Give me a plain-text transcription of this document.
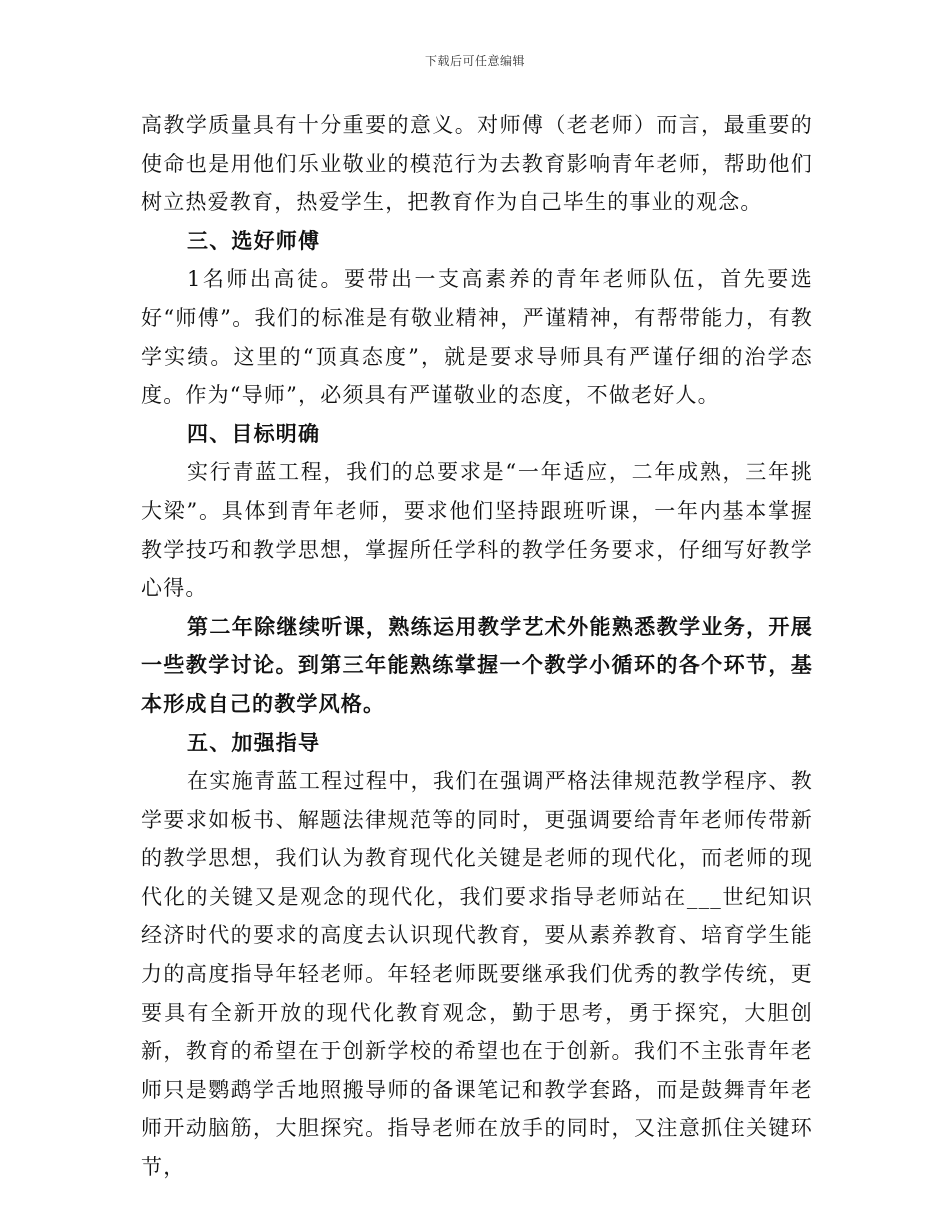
下载后可任意编辑

高教学质量具有十分重要的意义。对师傅（老老师）而言，最重要的使命也是用他们乐业敬业的模范行为去教育影响青年老师，帮助他们树立热爱教育，热爱学生，把教育作为自己毕生的事业的观念。

三、选好师傅

1名师出高徒。要带出一支高素养的青年老师队伍，首先要选好“师傅”。我们的标准是有敬业精神，严谨精神，有帮带能力，有教学实绩。这里的“顶真态度”，就是要求导师具有严谨仔细的治学态度。作为“导师”，必须具有严谨敬业的态度，不做老好人。

四、目标明确

实行青蓝工程，我们的总要求是“一年适应，二年成熟，三年挑大梁”。具体到青年老师，要求他们坚持跟班听课，一年内基本掌握教学技巧和教学思想，掌握所任学科的教学任务要求，仔细写好教学心得。

第二年除继续听课，熟练运用教学艺术外能熟悉教学业务，开展一些教学讨论。到第三年能熟练掌握一个教学小循环的各个环节，基本形成自己的教学风格。

五、加强指导

在实施青蓝工程过程中，我们在强调严格法律规范教学程序、教学要求如板书、解题法律规范等的同时，更强调要给青年老师传带新的教学思想，我们认为教育现代化关键是老师的现代化，而老师的现代化的关键又是观念的现代化，我们要求指导老师站在___世纪知识经济时代的要求的高度去认识现代教育，要从素养教育、培育学生能力的高度指导年轻老师。年轻老师既要继承我们优秀的教学传统，更要具有全新开放的现代化教育观念，勤于思考，勇于探究，大胆创新，教育的希望在于创新学校的希望也在于创新。我们不主张青年老师只是鹦鹉学舌地照搬导师的备课笔记和教学套路，而是鼓舞青年老师开动脑筋，大胆探究。指导老师在放手的同时，又注意抓住关键环节，
